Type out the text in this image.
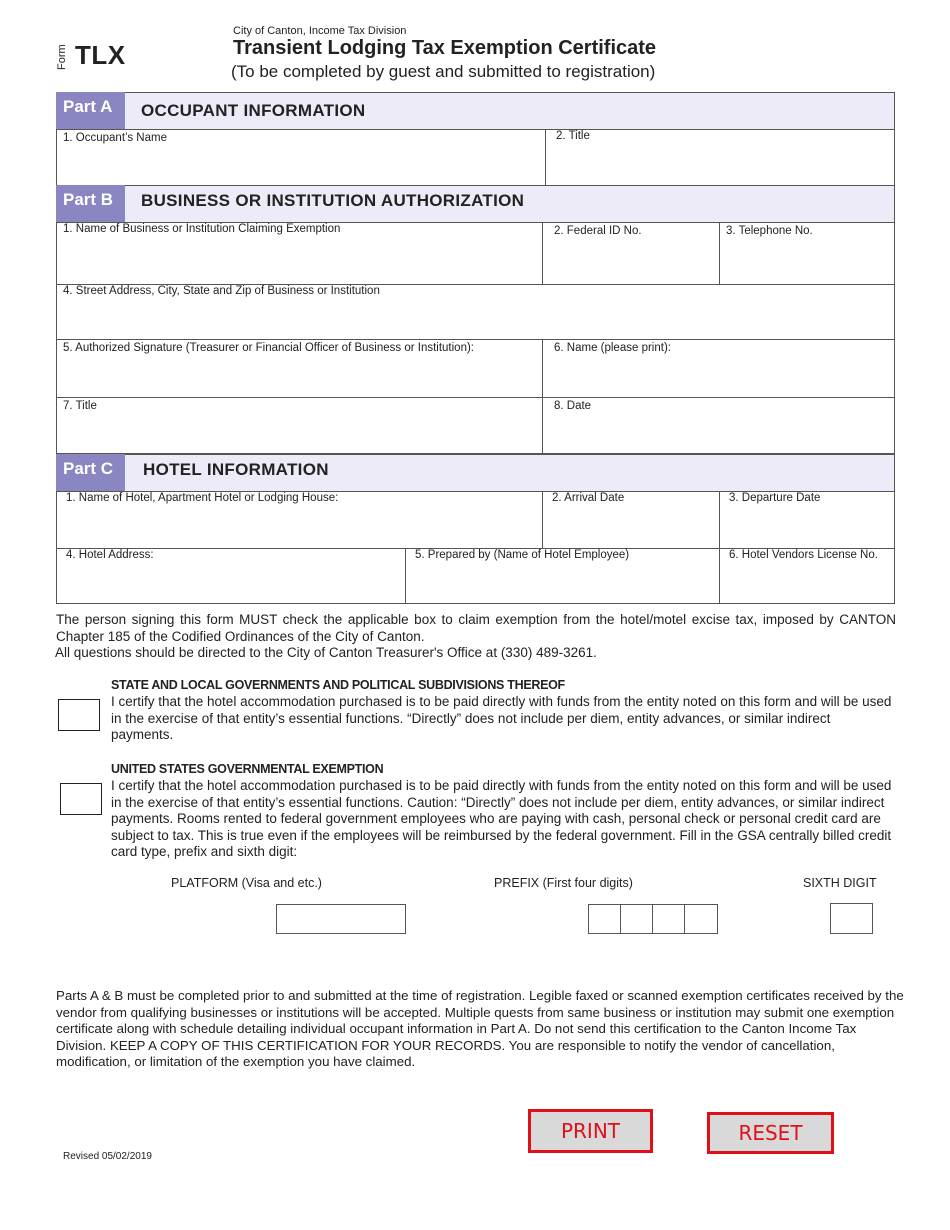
Form TLX
City of Canton, Income Tax Division
Transient Lodging Tax Exemption Certificate
(To be completed by guest and submitted to registration)
Part A	OCCUPANT INFORMATION
1. Occupant’s Name	2. Title
Part B	BUSINESS OR INSTITUTION AUTHORIZATION
1. Name of Business or Institution Claiming Exemption	2. Federal ID No.	3. Telephone No.
4. Street Address, City, State and Zip of Business or Institution
5. Authorized Signature (Treasurer or Financial Officer of Business or Institution):	6. Name (please print):
7. Title	8. Date
Part C	HOTEL INFORMATION
1. Name of Hotel, Apartment Hotel or Lodging House:	2. Arrival Date	3. Departure Date
4. Hotel Address:	5. Prepared by (Name of Hotel Employee)	6. Hotel Vendors License No.
The person signing this form MUST check the applicable box to claim exemption from the hotel/motel excise tax, imposed by CANTON Chapter 185 of the Codified Ordinances of the City of Canton.
All questions should be directed to the City of Canton Treasurer's Office at (330) 489-3261.
STATE AND LOCAL GOVERNMENTS AND POLITICAL SUBDIVISIONS THEREOF
I certify that the hotel accommodation purchased is to be paid directly with funds from the entity noted on this form and will be used in the exercise of that entity’s essential functions. “Directly” does not include per diem, entity advances, or similar indirect payments.
UNITED STATES GOVERNMENTAL EXEMPTION
I certify that the hotel accommodation purchased is to be paid directly with funds from the entity noted on this form and will be used in the exercise of that entity’s essential functions. Caution: “Directly” does not include per diem, entity advances, or similar indirect payments. Rooms rented to federal government employees who are paying with cash, personal check or personal credit card are subject to tax. This is true even if the employees will be reimbursed by the federal government. Fill in the GSA centrally billed credit card type, prefix and sixth digit:
PLATFORM (Visa and etc.)	PREFIX (First four digits)	SIXTH DIGIT
Parts A & B must be completed prior to and submitted at the time of registration. Legible faxed or scanned exemption certificates received by the vendor from qualifying businesses or institutions will be accepted. Multiple quests from same business or institution may submit one exemption certificate along with schedule detailing individual occupant information in Part A. Do not send this certification to the Canton Income Tax Division. KEEP A COPY OF THIS CERTIFICATION FOR YOUR RECORDS. You are responsible to notify the vendor of cancellation, modification, or limitation of the exemption you have claimed.
PRINT	RESET
Revised 05/02/2019
